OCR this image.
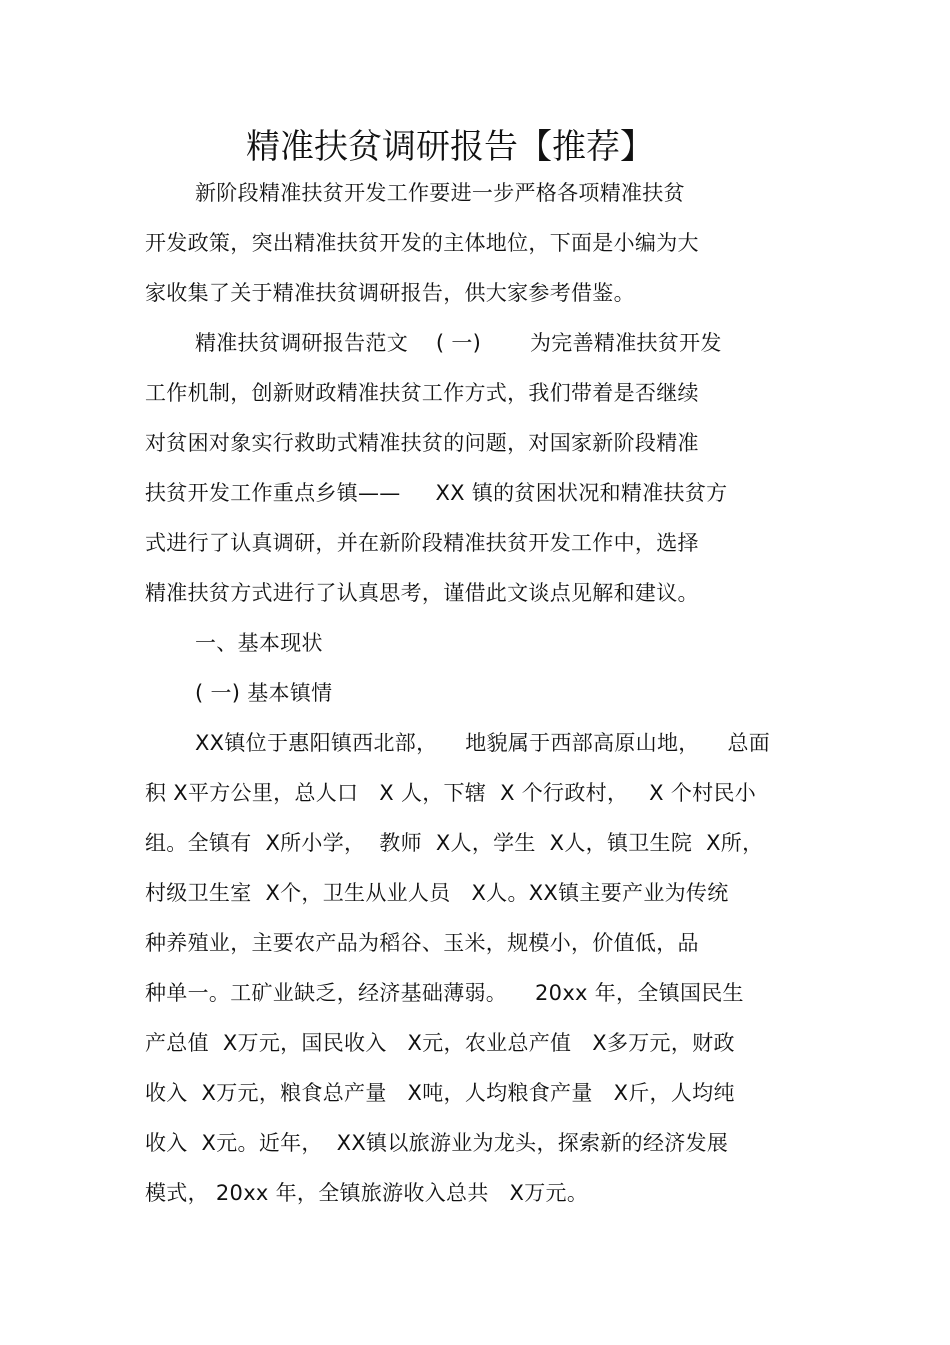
精准扶贫调研报告【推荐】
新阶段精准扶贫开发工作要进一步严格各项精准扶贫
开发政策，突出精准扶贫开发的主体地位，下面是小编为大
家收集了关于精准扶贫调研报告，供大家参考借鉴。
精准扶贫调研报告范文    ( 一)       为完善精准扶贫开发
工作机制，创新财政精准扶贫工作方式，我们带着是否继续
对贫困对象实行救助式精准扶贫的问题，对国家新阶段精准
扶贫开发工作重点乡镇——     XX 镇的贫困状况和精准扶贫方
式进行了认真调研，并在新阶段精准扶贫开发工作中，选择
精准扶贫方式进行了认真思考，谨借此文谈点见解和建议。
一、基本现状
( 一) 基本镇情
XX镇位于惠阳镇西北部，    地貌属于西部高原山地，    总面
积 X平方公里，总人口   X 人，下辖  X 个行政村，   X 个村民小
组。全镇有  X所小学，  教师  X人，学生  X人，镇卫生院  X所，
村级卫生室  X个，卫生从业人员   X人。XX镇主要产业为传统
种养殖业，主要农产品为稻谷、玉米，规模小，价值低，品
种单一。工矿业缺乏，经济基础薄弱。    20xx 年，全镇国民生
产总值  X万元，国民收入   X元，农业总产值   X多万元，财政
收入  X万元，粮食总产量   X吨，人均粮食产量   X斤，人均纯
收入  X元。近年，  XX镇以旅游业为龙头，探索新的经济发展
模式， 20xx 年，全镇旅游收入总共   X万元。
